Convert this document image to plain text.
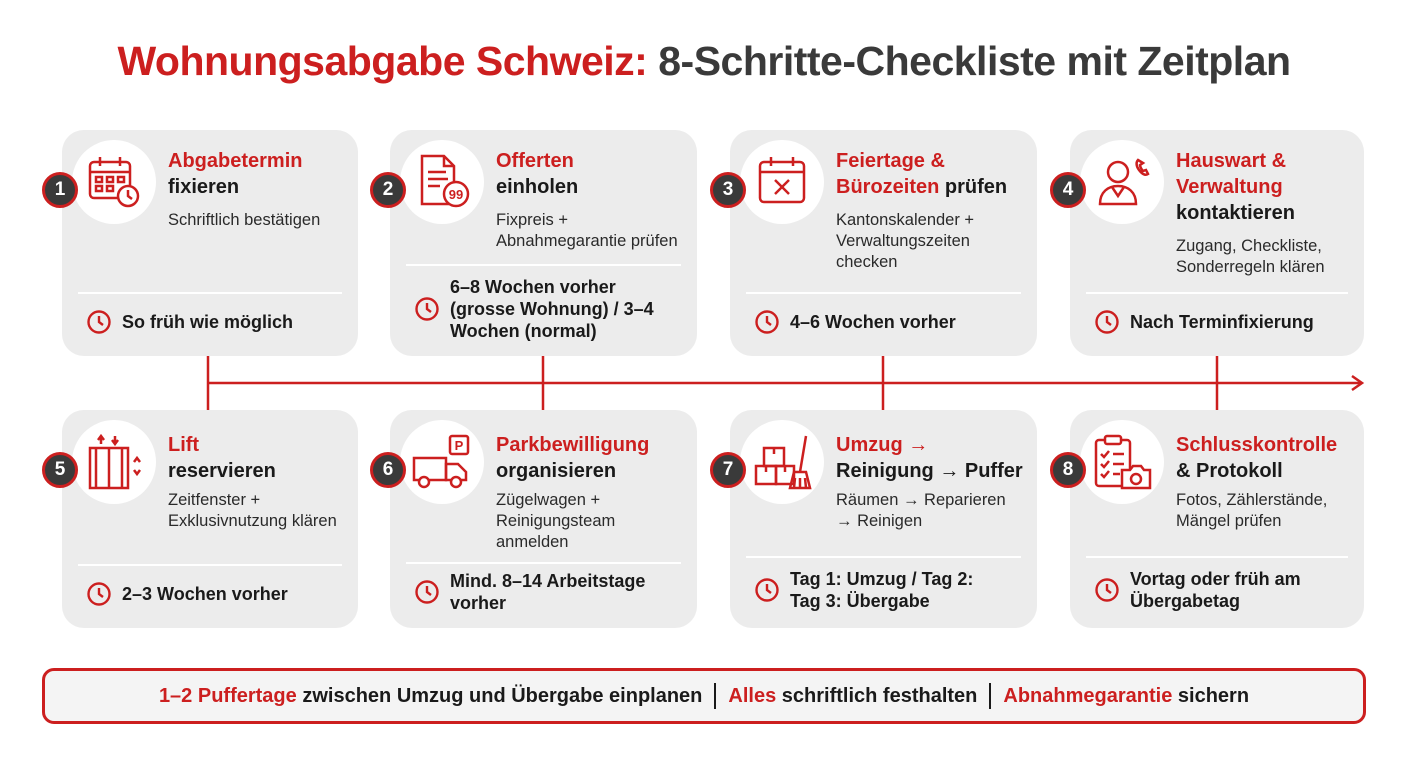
Wohnungsabgabe Schweiz: 8-Schritte-Checkliste mit Zeitplan
1
Abgabetermin
fixieren
Schriftlich bestätigen
So früh wie möglich
99
2
Offerten
einholen
Fixpreis + Abnahmegarantie prüfen
6–8 Wochen vorher (grosse Wohnung) / 3–4 Wochen (normal)
3
Feiertage & Bürozeiten prüfen
Kantonskalender + Verwaltungszeiten checken
4–6 Wochen vorher
4
Hauswart & Verwaltung
kontaktieren
Zugang, Checkliste, Sonderregeln klären
Nach Terminfixierung
5
Lift
reservieren
Zeitfenster + Exklusivnutzung klären
2–3 Wochen vorher
P
6
Parkbewilligung
organisieren
Zügelwagen + Reinigungsteam anmelden
Mind. 8–14 Arbeitstage vorher
7
Umzug →
Reinigung → Puffer
Räumen → Reparieren → Reinigen
Tag 1: Umzug / Tag 2: Tag 3: Übergabe
8
Schlusskontrolle
& Protokoll
Fotos, Zählerstände, Mängel prüfen
Vortag oder früh am Übergabetag
1–2 Puffertage
zwischen Umzug und Übergabe einplanen Alles
schriftlich festhalten Abnahmegarantie
sichern
